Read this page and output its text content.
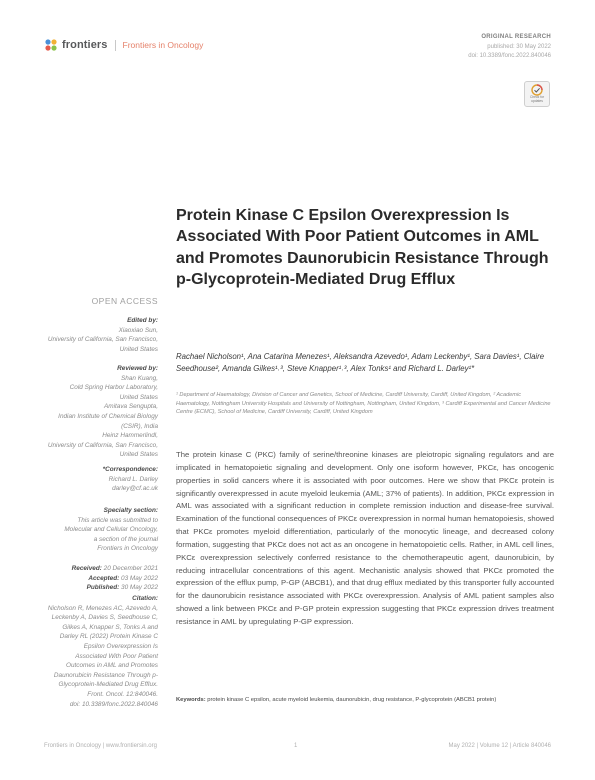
frontiers Frontiers in Oncology
ORIGINAL RESEARCH
published: 30 May 2022
doi: 10.3389/fonc.2022.840046
Check for updates
Protein Kinase C Epsilon Overexpression Is Associated With Poor Patient Outcomes in AML and Promotes Daunorubicin Resistance Through p-Glycoprotein-Mediated Drug Efflux
OPEN ACCESS
Edited by:
Xiaoxiao Sun,
University of California, San Francisco,
United States
Reviewed by:
Shan Kuang,
Cold Spring Harbor Laboratory,
United States
Amitava Sengupta,
Indian Institute of Chemical Biology
(CSIR), India
Heinz Hammerlindl,
University of California, San Francisco,
United States
*Correspondence:
Richard L. Darley
darley@cf.ac.uk
Specialty section:
This article was submitted to
Molecular and Cellular Oncology,
a section of the journal
Frontiers in Oncology
Received: 20 December 2021
Accepted: 03 May 2022
Published: 30 May 2022
Citation:
Nicholson R, Menezes AC, Azevedo A,
Leckenby A, Davies S, Seedhouse C,
Gilkes A, Knapper S, Tonks A and
Darley RL (2022) Protein Kinase C
Epsilon Overexpression Is
Associated With Poor Patient
Outcomes in AML and Promotes
Daunorubicin Resistance Through p-
Glycoprotein-Mediated Drug Efflux.
Front. Oncol. 12:840046.
doi: 10.3389/fonc.2022.840046
Rachael Nicholson¹, Ana Catarina Menezes¹, Aleksandra Azevedo¹, Adam Leckenby¹, Sara Davies¹, Claire Seedhouse², Amanda Gilkes¹˒³, Steve Knapper¹˒³, Alex Tonks¹ and Richard L. Darley¹*
¹ Department of Haematology, Division of Cancer and Genetics, School of Medicine, Cardiff University, Cardiff, United Kingdom, ² Academic Haematology, Nottingham University Hospitals and University of Nottingham, Nottingham, United Kingdom, ³ Cardiff Experimental and Cancer Medicine Centre (ECMC), School of Medicine, Cardiff University, Cardiff, United Kingdom
The protein kinase C (PKC) family of serine/threonine kinases are pleiotropic signaling regulators and are implicated in hematopoietic signaling and development. Only one isoform however, PKCε, has oncogenic properties in solid cancers where it is associated with poor outcomes. Here we show that PKCε protein is significantly overexpressed in acute myeloid leukemia (AML; 37% of patients). In addition, PKCε expression in AML was associated with a significant reduction in complete remission induction and disease-free survival. Examination of the functional consequences of PKCε overexpression in normal human hematopoiesis, showed that PKCε promotes myeloid differentiation, particularly of the monocytic lineage, and decreased colony formation, suggesting that PKCε does not act as an oncogene in hematopoietic cells. Rather, in AML cell lines, PKCε overexpression selectively conferred resistance to the chemotherapeutic agent, daunorubicin, by reducing intracellular concentrations of this agent. Mechanistic analysis showed that PKCε promoted the expression of the efflux pump, P-GP (ABCB1), and that drug efflux mediated by this transporter fully accounted for the daunorubicin resistance associated with PKCε overexpression. Analysis of AML patient samples also showed a link between PKCε and P-GP protein expression suggesting that PKCε expression drives treatment resistance in AML by upregulating P-GP expression.
Keywords: protein kinase C epsilon, acute myeloid leukemia, daunorubicin, drug resistance, P-glycoprotein (ABCB1 protein)
Frontiers in Oncology | www.frontiersin.org	1	May 2022 | Volume 12 | Article 840046
